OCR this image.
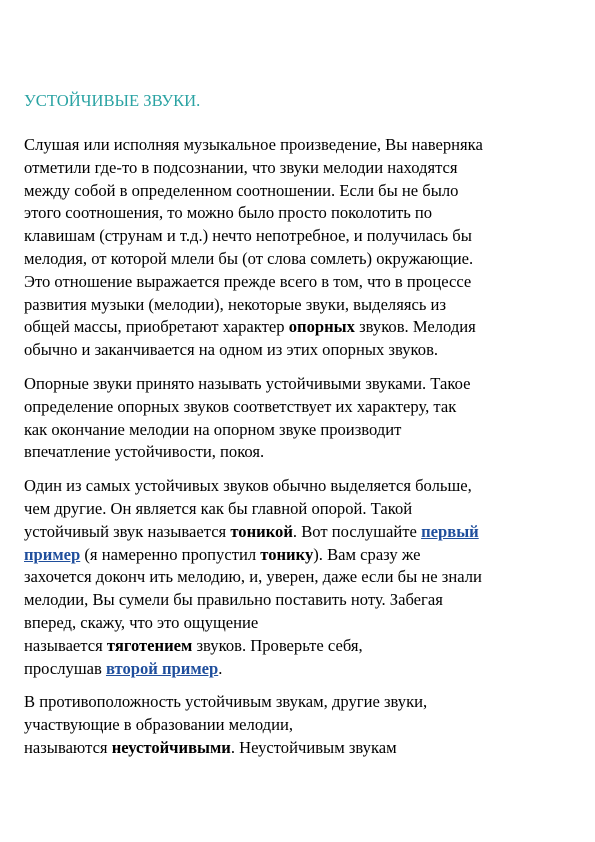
УСТОЙЧИВЫЕ ЗВУКИ.
Слушая или исполняя музыкальное произведение, Вы наверняка
отметили где-то в подсознании, что звуки мелодии находятся
между собой в определенном соотношении. Если бы не было
этого соотношения, то можно было просто поколотить по
клавишам (струнам и т.д.) нечто непотребное, и получилась бы
мелодия, от которой млели бы (от слова сомлеть) окружающие.
Это отношение выражается прежде всего в том, что в процессе
развития музыки (мелодии), некоторые звуки, выделяясь из
общей массы, приобретают характер опорных звуков. Мелодия
обычно и заканчивается на одном из этих опорных звуков.
Опорные звуки принято называть устойчивыми звуками. Такое
определение опорных звуков соответствует их характеру, так
как окончание мелодии на опорном звуке производит
впечатление устойчивости, покоя.
Один из самых устойчивых звуков обычно выделяется больше,
чем другие. Он является как бы главной опорой. Такой
устойчивый звук называется тоникой. Вот послушайте первый
пример (я намеренно пропустил тонику). Вам сразу же
захочется доконч ить мелодию, и, уверен, даже если бы не знали
мелодии, Вы сумели бы правильно поставить ноту. Забегая
вперед, скажу, что это ощущение
называется тяготением звуков. Проверьте себя,
прослушав второй пример.
В противоположность устойчивым звукам, другие звуки,
участвующие в образовании мелодии,
называются неустойчивыми. Неустойчивым звукам
